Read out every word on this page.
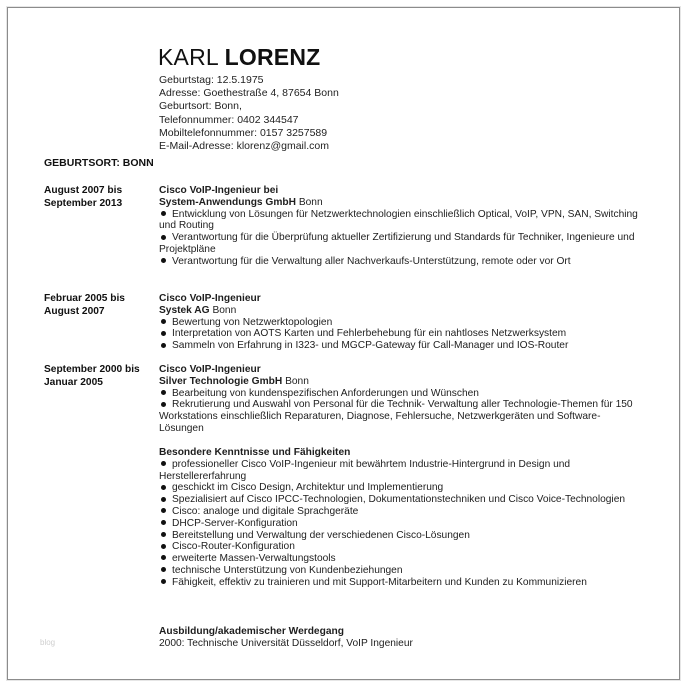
KARL LORENZ
Geburtstag: 12.5.1975
Adresse: Goethestraße 4, 87654 Bonn
Geburtsort: Bonn,
Telefonnummer: 0402 344547
Mobiltelefonnummer: 0157 3257589
E-Mail-Adresse: klorenz@gmail.com
GEBURTSORT: BONN
August 2007 bis
September 2013
Cisco VoIP-Ingenieur bei
System-Anwendungs GmbH Bonn
Entwicklung von Lösungen für Netzwerktechnologien einschließlich Optical, VoIP, VPN, SAN, Switching und Routing
Verantwortung für die Überprüfung aktueller Zertifizierung und Standards für Techniker, Ingenieure und Projektpläne
Verantwortung für die Verwaltung aller Nachverkaufs-Unterstützung, remote oder vor Ort
Februar 2005 bis
August 2007
Cisco VoIP-Ingenieur
Systek AG Bonn
Bewertung von Netzwerktopologien
Interpretation von AOTS Karten und Fehlerbehebung für ein nahtloses Netzwerksystem
Sammeln von Erfahrung in I323- und MGCP-Gateway für Call-Manager und IOS-Router
September 2000 bis
Januar 2005
Cisco VoIP-Ingenieur
Silver Technologie GmbH Bonn
Bearbeitung von kundenspezifischen Anforderungen und Wünschen
Rekrutierung und Auswahl von Personal für die Technik- Verwaltung aller Technologie-Themen für 150 Workstations einschließlich Reparaturen, Diagnose, Fehlersuche, Netzwerkgeräten und Software-Lösungen
Besondere Kenntnisse und Fähigkeiten
professioneller Cisco VoIP-Ingenieur mit bewährtem Industrie-Hintergrund in Design und Herstellererfahrung
geschickt im Cisco Design, Architektur und Implementierung
Spezialisiert auf Cisco IPCC-Technologien, Dokumentationstechniken und Cisco Voice-Technologien
Cisco: analoge und digitale Sprachgeräte
DHCP-Server-Konfiguration
Bereitstellung und Verwaltung der verschiedenen Cisco-Lösungen
Cisco-Router-Konfiguration
erweiterte Massen-Verwaltungstools
technische Unterstützung von Kundenbeziehungen
Fähigkeit, effektiv zu trainieren und mit Support-Mitarbeitern und Kunden zu Kommunizieren
Ausbildung/akademischer Werdegang
2000: Technische Universität Düsseldorf, VoIP Ingenieur
blog
